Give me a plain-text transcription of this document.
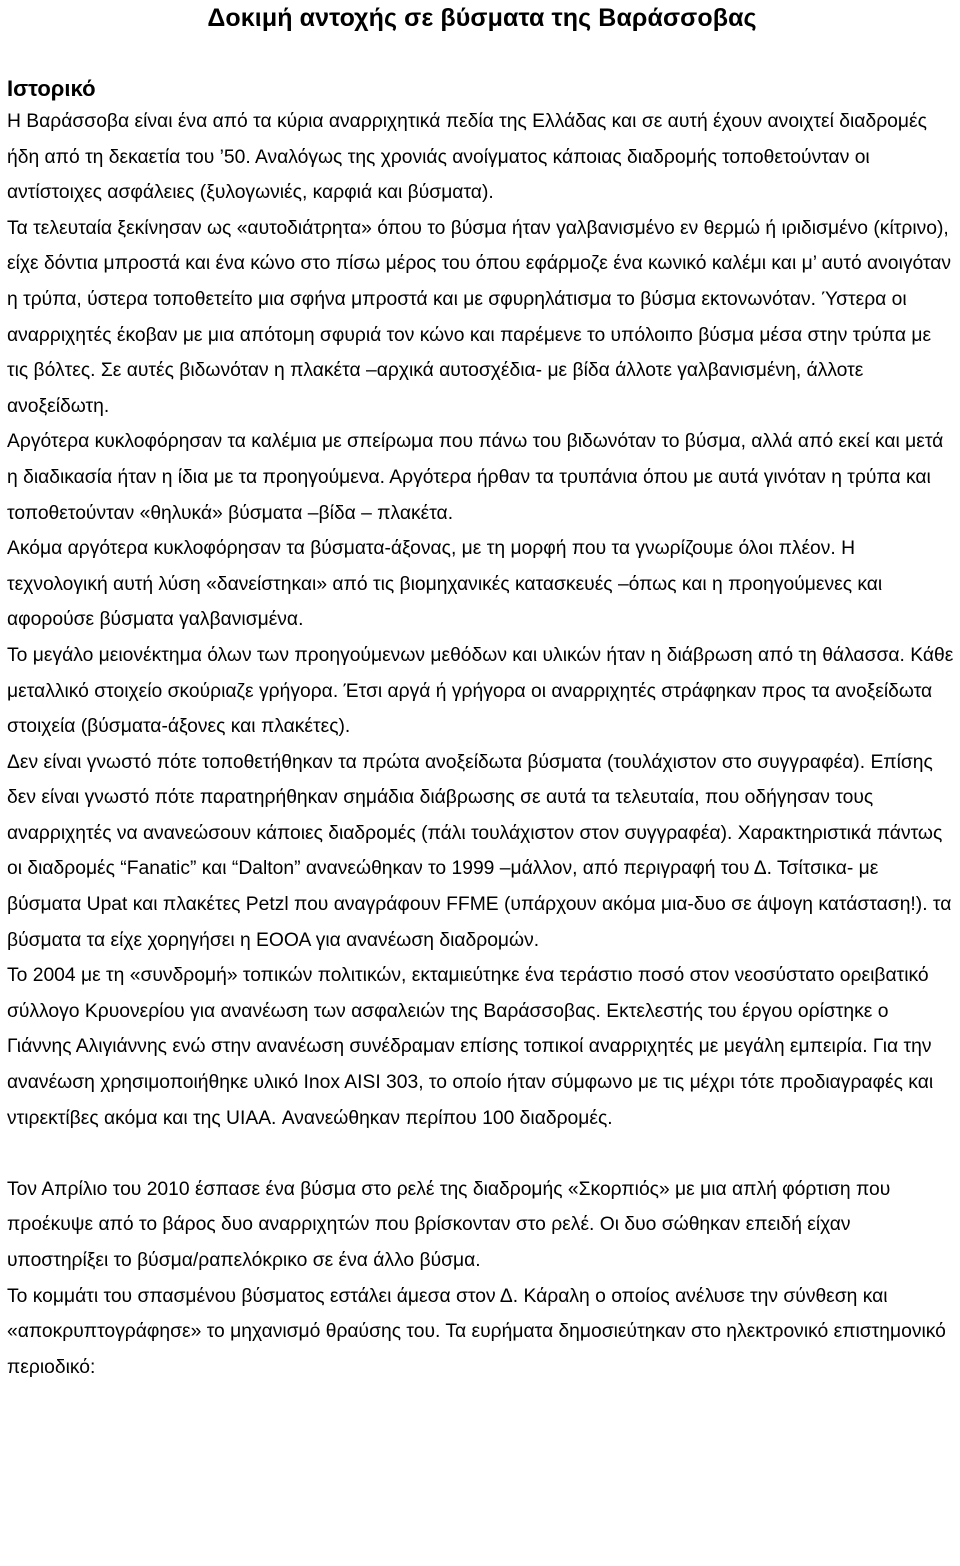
Δοκιμή αντοχής σε βύσματα της Βαράσσοβας
Ιστορικό

Η Βαράσσοβα είναι ένα από τα κύρια αναρριχητικά πεδία της Ελλάδας και σε αυτή έχουν ανοιχτεί διαδρομές ήδη από τη δεκαετία του ’50. Αναλόγως της χρονιάς ανοίγματος κάποιας διαδρομής τοποθετούνταν οι αντίστοιχες ασφάλειες (ξυλογωνιές, καρφιά και βύσματα).

Τα τελευταία ξεκίνησαν ως «αυτοδιάτρητα» όπου το βύσμα ήταν γαλβανισμένο εν θερμώ ή ιριδισμένο (κίτρινο), είχε δόντια μπροστά και ένα κώνο στο πίσω μέρος του όπου εφάρμοζε ένα κωνικό καλέμι και μ’ αυτό ανοιγόταν η τρύπα, ύστερα τοποθετείτο μια σφήνα μπροστά και με σφυρηλάτισμα το βύσμα εκτονωνόταν. Ύστερα οι αναρριχητές έκοβαν με μια απότομη σφυριά τον κώνο και παρέμενε το υπόλοιπο βύσμα μέσα στην τρύπα με τις βόλτες. Σε αυτές βιδωνόταν η πλακέτα –αρχικά αυτοσχέδια- με βίδα άλλοτε γαλβανισμένη, άλλοτε ανοξείδωτη.

Αργότερα κυκλοφόρησαν τα καλέμια με σπείρωμα που πάνω του βιδωνόταν το βύσμα, αλλά από εκεί και μετά η διαδικασία ήταν η ίδια με τα προηγούμενα. Αργότερα ήρθαν τα τρυπάνια όπου με αυτά γινόταν η τρύπα και τοποθετούνταν «θηλυκά» βύσματα –βίδα – πλακέτα.

Ακόμα αργότερα κυκλοφόρησαν τα βύσματα-άξονας, με τη μορφή που τα γνωρίζουμε όλοι πλέον. Η τεχνολογική αυτή λύση «δανείστηκαι» από τις βιομηχανικές κατασκευές –όπως και η προηγούμενες και αφορούσε βύσματα γαλβανισμένα.

Το μεγάλο μειονέκτημα όλων των προηγούμενων μεθόδων και υλικών ήταν η διάβρωση από τη θάλασσα. Κάθε μεταλλικό στοιχείο σκούριαζε γρήγορα. Έτσι αργά ή γρήγορα οι αναρριχητές στράφηκαν προς τα ανοξείδωτα στοιχεία (βύσματα-άξονες και πλακέτες).

Δεν είναι γνωστό πότε τοποθετήθηκαν τα πρώτα ανοξείδωτα βύσματα (τουλάχιστον στο συγγραφέα). Επίσης δεν είναι γνωστό πότε παρατηρήθηκαν σημάδια διάβρωσης σε αυτά τα τελευταία, που οδήγησαν τους αναρριχητές να ανανεώσουν κάποιες διαδρομές (πάλι τουλάχιστον στον συγγραφέα). Χαρακτηριστικά πάντως οι διαδρομές “Fanatic” και “Dalton” ανανεώθηκαν το 1999 –μάλλον, από περιγραφή του Δ. Τσίτσικα- με βύσματα Upat και πλακέτες Petzl που αναγράφουν FFME (υπάρχουν ακόμα μια-δυο σε άψογη κατάσταση!). τα βύσματα τα είχε χορηγήσει η ΕΟΟΑ για ανανέωση διαδρομών.

Το 2004 με τη «συνδρομή» τοπικών πολιτικών, εκταμιεύτηκε ένα τεράστιο ποσό στον νεοσύστατο ορειβατικό σύλλογο Κρυονερίου για ανανέωση των ασφαλειών της Βαράσσοβας. Εκτελεστής του έργου ορίστηκε ο Γιάννης Αλιγιάννης ενώ στην ανανέωση συνέδραμαν επίσης τοπικοί αναρριχητές με μεγάλη εμπειρία. Για την ανανέωση χρησιμοποιήθηκε υλικό Inox AISI 303, το οποίο ήταν σύμφωνο με τις μέχρι τότε προδιαγραφές και ντιρεκτίβες ακόμα και της UIAA. Ανανεώθηκαν περίπου 100 διαδρομές.

Τον Απρίλιο του 2010 έσπασε ένα βύσμα στο ρελέ της διαδρομής «Σκορπιός» με μια απλή φόρτιση που προέκυψε από το βάρος δυο αναρριχητών που βρίσκονταν στο ρελέ. Οι δυο σώθηκαν επειδή είχαν υποστηρίξει το βύσμα/ραπελόκρικο σε ένα άλλο βύσμα.

Το κομμάτι του σπασμένου βύσματος εστάλει άμεσα στον Δ. Κάραλη ο οποίος ανέλυσε την σύνθεση και «αποκρυπτογράφησε» το μηχανισμό θραύσης του. Τα ευρήματα δημοσιεύτηκαν στο ηλεκτρονικό επιστημονικό περιοδικό:
